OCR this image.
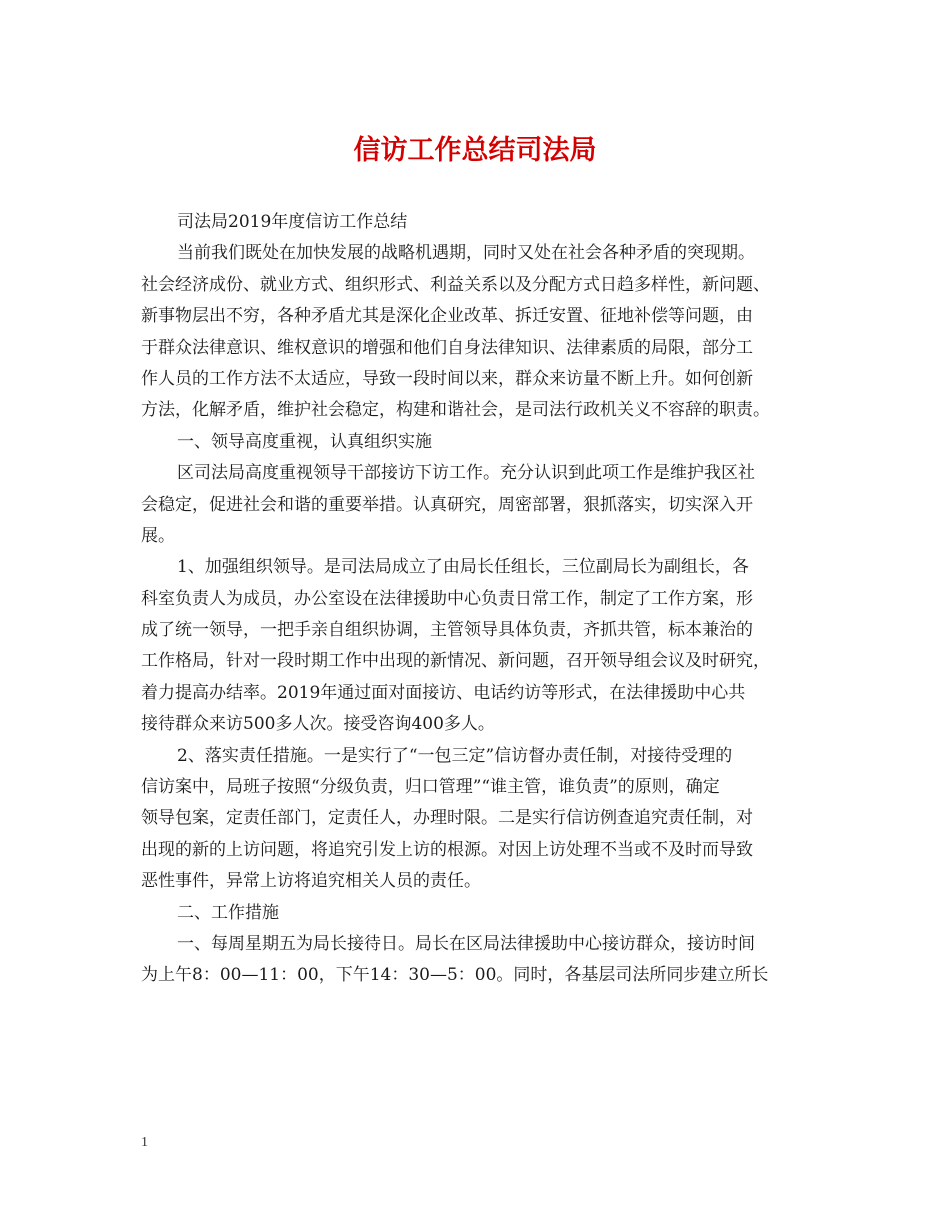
信访工作总结司法局
司法局2019年度信访工作总结
当前我们既处在加快发展的战略机遇期，同时又处在社会各种矛盾的突现期。
社会经济成份、就业方式、组织形式、利益关系以及分配方式日趋多样性，新问题、
新事物层出不穷，各种矛盾尤其是深化企业改革、拆迁安置、征地补偿等问题，由
于群众法律意识、维权意识的增强和他们自身法律知识、法律素质的局限，部分工
作人员的工作方法不太适应，导致一段时间以来，群众来访量不断上升。如何创新
方法，化解矛盾，维护社会稳定，构建和谐社会，是司法行政机关义不容辞的职责。
一、领导高度重视，认真组织实施
区司法局高度重视领导干部接访下访工作。充分认识到此项工作是维护我区社
会稳定，促进社会和谐的重要举措。认真研究，周密部署，狠抓落实，切实深入开
展。
1、加强组织领导。是司法局成立了由局长任组长，三位副局长为副组长，各
科室负责人为成员，办公室设在法律援助中心负责日常工作，制定了工作方案，形
成了统一领导，一把手亲自组织协调，主管领导具体负责，齐抓共管，标本兼治的
工作格局，针对一段时期工作中出现的新情况、新问题，召开领导组会议及时研究，
着力提高办结率。2019年通过面对面接访、电话约访等形式，在法律援助中心共
接待群众来访500多人次。接受咨询400多人。
2、落实责任措施。一是实行了“一包三定”信访督办责任制，对接待受理的
信访案中，局班子按照“分级负责，归口管理”“谁主管，谁负责”的原则，确定
领导包案，定责任部门，定责任人，办理时限。二是实行信访例查追究责任制，对
出现的新的上访问题，将追究引发上访的根源。对因上访处理不当或不及时而导致
恶性事件，异常上访将追究相关人员的责任。
二、工作措施
一、每周星期五为局长接待日。局长在区局法律援助中心接访群众，接访时间
为上午8：00—11：00，下午14：30—5：00。同时，各基层司法所同步建立所长
1
